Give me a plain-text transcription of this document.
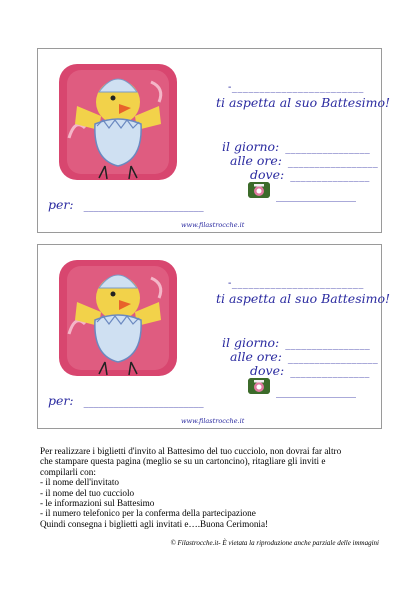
-________________________
ti aspetta al suo Battesimo!
il giorno: ________________
alle ore: _________________
dove: _______________
________________
per: ________________________
www.filastrocche.it
-________________________
ti aspetta al suo Battesimo!
il giorno: ________________
alle ore: _________________
dove: _______________
________________
per: ________________________
www.filastrocche.it

Per realizzare i biglietti d'invito al Battesimo del tuo cucciolo, non dovrai far altro

che stampare questa pagina (meglio se su un cartoncino), ritagliare gli inviti e

compilarli con:

- il nome dell'invitato

- il nome del tuo cucciolo

- le informazioni sul Battesimo

- il numero telefonico per la conferma della partecipazione

Quindi consegna i biglietti agli invitati e….Buona Cerimonia!

© Filastrocche.it- È vietata la riproduzione anche parziale delle immagini
